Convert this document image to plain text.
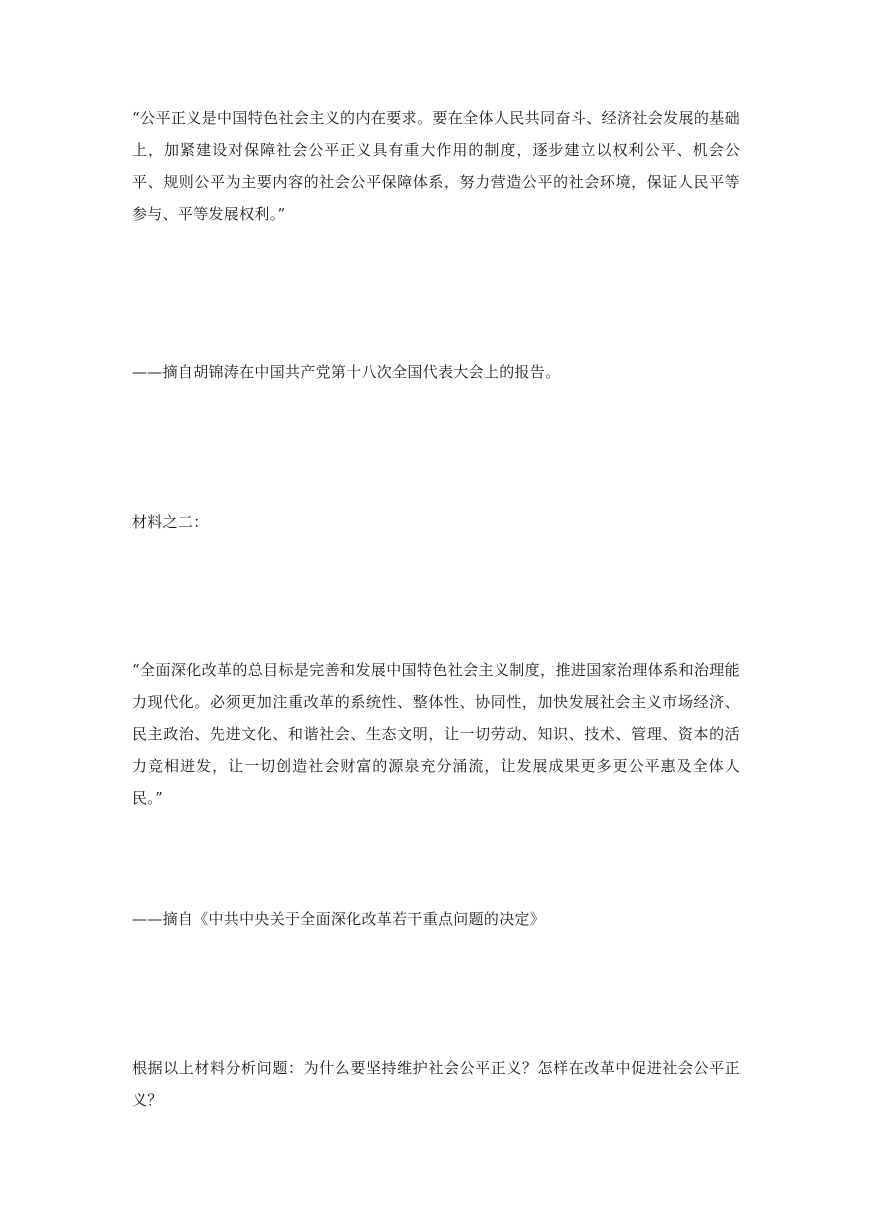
“公平正义是中国特色社会主义的内在要求。要在全体人民共同奋斗、经济社会发展的基础上，加紧建设对保障社会公平正义具有重大作用的制度，逐步建立以权利公平、机会公平、规则公平为主要内容的社会公平保障体系，努力营造公平的社会环境，保证人民平等参与、平等发展权利。”

——摘自胡锦涛在中国共产党第十八次全国代表大会上的报告。

材料之二：

“全面深化改革的总目标是完善和发展中国特色社会主义制度，推进国家治理体系和治理能力现代化。必须更加注重改革的系统性、整体性、协同性，加快发展社会主义市场经济、民主政治、先进文化、和谐社会、生态文明，让一切劳动、知识、技术、管理、资本的活力竞相迸发，让一切创造社会财富的源泉充分涌流，让发展成果更多更公平惠及全体人民。”

——摘自《中共中央关于全面深化改革若干重点问题的决定》

根据以上材料分析问题：为什么要坚持维护社会公平正义？怎样在改革中促进社会公平正义？
